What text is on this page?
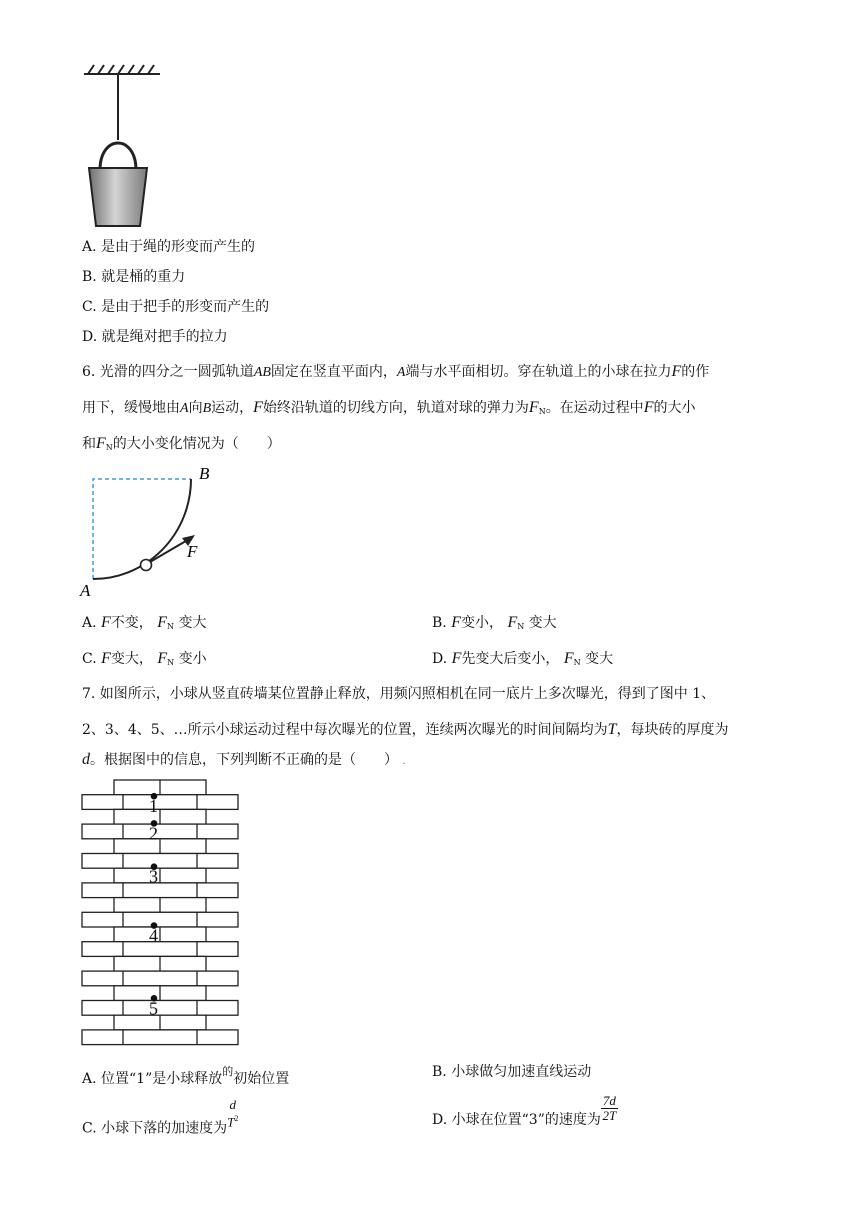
A. 是由于绳的形变而产生的
B. 就是桶的重力
C. 是由于把手的形变而产生的
D. 就是绳对把手的拉力
6. 光滑的四分之一圆弧轨道AB固定在竖直平面内，A端与水平面相切。穿在轨道上的小球在拉力F的作
用下，缓慢地由A向B运动，F始终沿轨道的切线方向，轨道对球的弹力为$F_N$。在运动过程中F的大小
和$F_N$的大小变化情况为（　　）
B
F
A
A. F不变， $F_N$ 变大	B. F变小， $F_N$ 变大
C. F变大， $F_N$ 变小	D. F先变大后变小， $F_N$ 变大
7. 如图所示，小球从竖直砖墙某位置静止释放，用频闪照相机在同一底片上多次曝光，得到了图中 1、
2、3、4、5、…所示小球运动过程中每次曝光的位置，连续两次曝光的时间间隔均为T，每块砖的厚度为
d。根据图中的信息，下列判断不正确的是（　　） .
1
2
3
4
5
A. 位置“1”是小球释放$^的$初始位置	B. 小球做匀加速直线运动
C. 小球下落的加速度为
d
$T^2$	D. 小球在位置“3”的速度为 $\frac{7d}{2T}$
